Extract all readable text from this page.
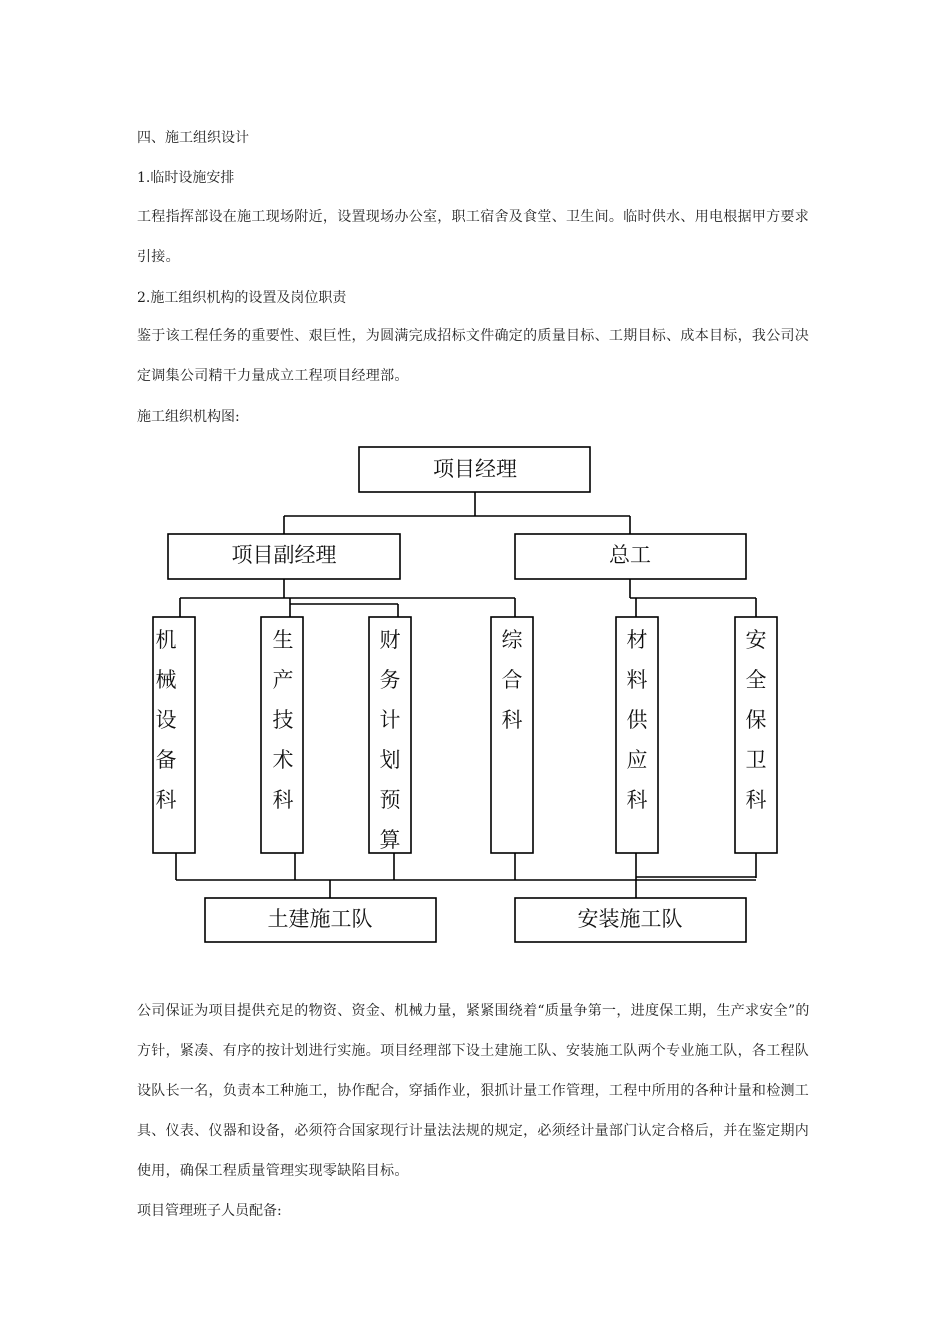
四、施工组织设计

1.临时设施安排

工程指挥部设在施工现场附近，设置现场办公室，职工宿舍及食堂、卫生间。临时供水、用电根据甲方要求引接。

2.施工组织机构的设置及岗位职责

鉴于该工程任务的重要性、艰巨性，为圆满完成招标文件确定的质量目标、工期目标、成本目标，我公司决定调集公司精干力量成立工程项目经理部。

施工组织机构图:

项目经理
项目副经理	总工
土建施工队	安装施工队
机械设备科
生产技术科
财务计划预算
综合科
材料供应科
安全保卫科

公司保证为项目提供充足的物资、资金、机械力量，紧紧围绕着“质量争第一，进度保工期，生产求安全”的方针，紧凑、有序的按计划进行实施。项目经理部下设土建施工队、安装施工队两个专业施工队，各工程队设队长一名，负责本工种施工，协作配合，穿插作业，狠抓计量工作管理，工程中所用的各种计量和检测工具、仪表、仪器和设备，必须符合国家现行计量法法规的规定，必须经计量部门认定合格后，并在鉴定期内使用，确保工程质量管理实现零缺陷目标。

项目管理班子人员配备:
